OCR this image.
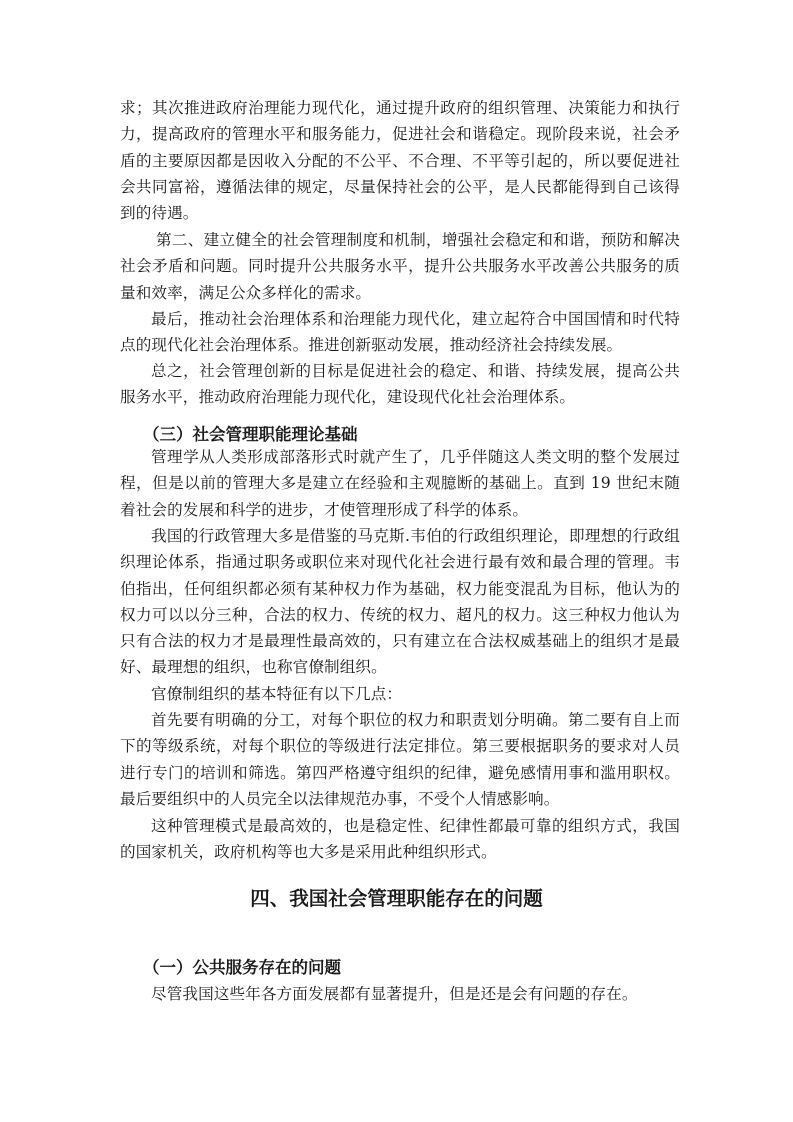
求；其次推进政府治理能力现代化，通过提升政府的组织管理、决策能力和执行力，提高政府的管理水平和服务能力，促进社会和谐稳定。现阶段来说，社会矛盾的主要原因都是因收入分配的不公平、不合理、不平等引起的，所以要促进社会共同富裕，遵循法律的规定，尽量保持社会的公平，是人民都能得到自己该得到的待遇。

第二、建立健全的社会管理制度和机制，增强社会稳定和和谐，预防和解决社会矛盾和问题。同时提升公共服务水平，提升公共服务水平改善公共服务的质量和效率，满足公众多样化的需求。

最后，推动社会治理体系和治理能力现代化，建立起符合中国国情和时代特点的现代化社会治理体系。推进创新驱动发展，推动经济社会持续发展。

总之，社会管理创新的目标是促进社会的稳定、和谐、持续发展，提高公共服务水平，推动政府治理能力现代化，建设现代化社会治理体系。

（三）社会管理职能理论基础

管理学从人类形成部落形式时就产生了，几乎伴随这人类文明的整个发展过程，但是以前的管理大多是建立在经验和主观臆断的基础上。直到 19 世纪末随着社会的发展和科学的进步，才使管理形成了科学的体系。

我国的行政管理大多是借鉴的马克斯.韦伯的行政组织理论，即理想的行政组织理论体系，指通过职务或职位来对现代化社会进行最有效和最合理的管理。韦伯指出，任何组织都必须有某种权力作为基础，权力能变混乱为目标，他认为的权力可以以分三种，合法的权力、传统的权力、超凡的权力。这三种权力他认为只有合法的权力才是最理性最高效的，只有建立在合法权威基础上的组织才是最好、最理想的组织，也称官僚制组织。

官僚制组织的基本特征有以下几点：

首先要有明确的分工，对每个职位的权力和职责划分明确。第二要有自上而下的等级系统，对每个职位的等级进行法定排位。第三要根据职务的要求对人员进行专门的培训和筛选。第四严格遵守组织的纪律，避免感情用事和滥用职权。最后要组织中的人员完全以法律规范办事，不受个人情感影响。

这种管理模式是最高效的，也是稳定性、纪律性都最可靠的组织方式，我国的国家机关，政府机构等也大多是采用此种组织形式。

四、我国社会管理职能存在的问题
（一）公共服务存在的问题

尽管我国这些年各方面发展都有显著提升，但是还是会有问题的存在。
